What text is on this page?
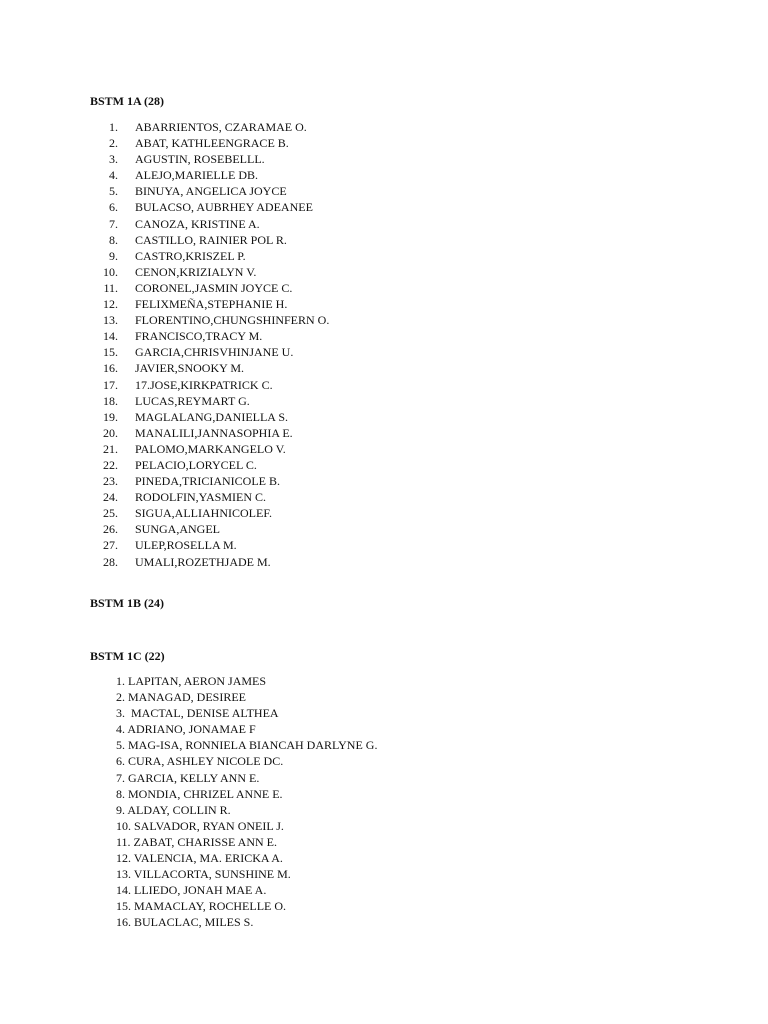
BSTM 1A (28)
1. ABARRIENTOS, CZARAMAE O.
2. ABAT, KATHLEENGRACE B.
3. AGUSTIN, ROSEBELLL.
4. ALEJO,MARIELLE DB.
5. BINUYA, ANGELICA JOYCE
6. BULACSO, AUBRHEY ADEANEE
7. CANOZA, KRISTINE A.
8. CASTILLO, RAINIER POL R.
9. CASTRO,KRISZEL P.
10. CENON,KRIZIALYN V.
11. CORONEL,JASMIN JOYCE C.
12. FELIXMEÑA,STEPHANIE H.
13. FLORENTINO,CHUNGSHINFERN O.
14. FRANCISCO,TRACY M.
15. GARCIA,CHRISVHINJANE U.
16. JAVIER,SNOOKY M.
17. 17.JOSE,KIRKPATRICK C.
18. LUCAS,REYMART G.
19. MAGLALANG,DANIELLA S.
20. MANALILI,JANNASOPHIA E.
21. PALOMO,MARKANGELO V.
22. PELACIO,LORYCEL C.
23. PINEDA,TRICIANICOLE B.
24. RODOLFIN,YASMIEN C.
25. SIGUA,ALLIAHNICOLEF.
26. SUNGA,ANGEL
27. ULEP,ROSELLA M.
28. UMALI,ROZETHJADE M.
BSTM 1B (24)
BSTM 1C (22)
1. LAPITAN, AERON JAMES
2. MANAGAD, DESIREE
3.  MACTAL, DENISE ALTHEA
4. ADRIANO, JONAMAE F
5. MAG-ISA, RONNIELA BIANCAH DARLYNE G.
6. CURA, ASHLEY NICOLE DC.
7. GARCIA, KELLY ANN E.
8. MONDIA, CHRIZEL ANNE E.
9. ALDAY, COLLIN R.
10. SALVADOR, RYAN ONEIL J.
11. ZABAT, CHARISSE ANN E.
12. VALENCIA, MA. ERICKA A.
13. VILLACORTA, SUNSHINE M.
14. LLIEDO, JONAH MAE A.
15. MAMACLAY, ROCHELLE O.
16. BULACLAC, MILES S.
